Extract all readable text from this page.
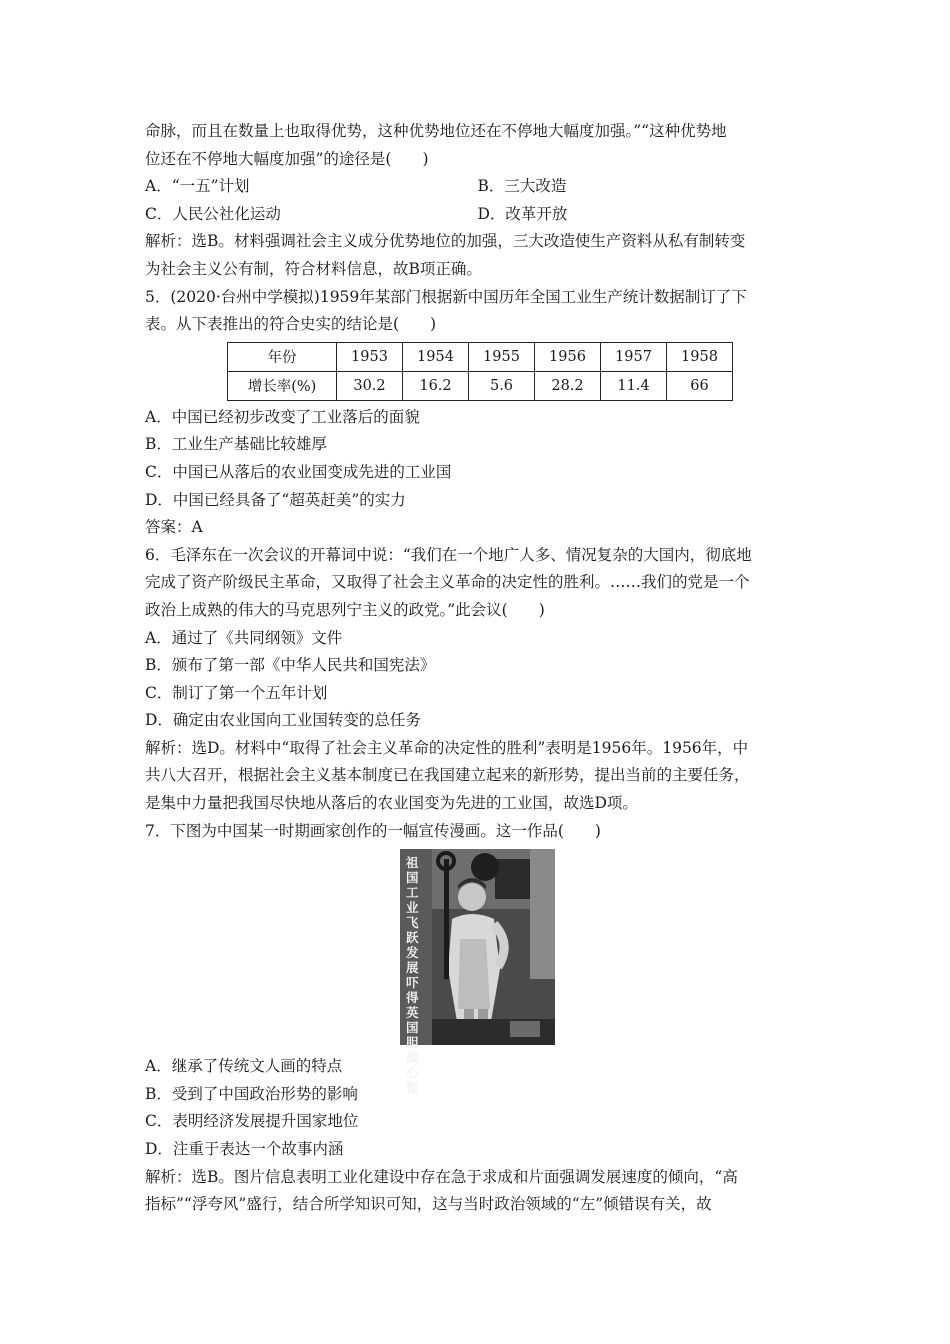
命脉，而且在数量上也取得优势，这种优势地位还在不停地大幅度加强。”“这种优势地
位还在不停地大幅度加强”的途径是(　　)
A．“一五”计划	B．三大改造
C．人民公社化运动	D．改革开放
解析：选B。材料强调社会主义成分优势地位的加强，三大改造使生产资料从私有制转变
为社会主义公有制，符合材料信息，故B项正确。
5．(2020·台州中学模拟)1959年某部门根据新中国历年全国工业生产统计数据制订了下
表。从下表推出的符合史实的结论是(　　)
年份	1953	1954	1955	1956	1957	1958
增长率(%)	30.2	16.2	5.6	28.2	11.4	66
A．中国已经初步改变了工业落后的面貌
B．工业生产基础比较雄厚
C．中国已从落后的农业国变成先进的工业国
D．中国已经具备了“超英赶美”的实力
答案：A
6．毛泽东在一次会议的开幕词中说：“我们在一个地广人多、情况复杂的大国内，彻底地
完成了资产阶级民主革命，又取得了社会主义革命的决定性的胜利。……我们的党是一个
政治上成熟的伟大的马克思列宁主义的政党。”此会议(　　)
A．通过了《共同纲领》文件
B．颁布了第一部《中华人民共和国宪法》
C．制订了第一个五年计划
D．确定由农业国向工业国转变的总任务
解析：选D。材料中“取得了社会主义革命的决定性的胜利”表明是1956年。1956年，中
共八大召开，根据社会主义基本制度已在我国建立起来的新形势，提出当前的主要任务，
是集中力量把我国尽快地从落后的农业国变为先进的工业国，故选D项。
7．下图为中国某一时期画家创作的一幅宣传漫画。这一作品(　　)
祖国工业飞跃发展吓得英国胆战心惊
A．继承了传统文人画的特点
B．受到了中国政治形势的影响
C．表明经济发展提升国家地位
D．注重于表达一个故事内涵
解析：选B。图片信息表明工业化建设中存在急于求成和片面强调发展速度的倾向，“高
指标”“浮夸风”盛行，结合所学知识可知，这与当时政治领域的“左”倾错误有关，故
